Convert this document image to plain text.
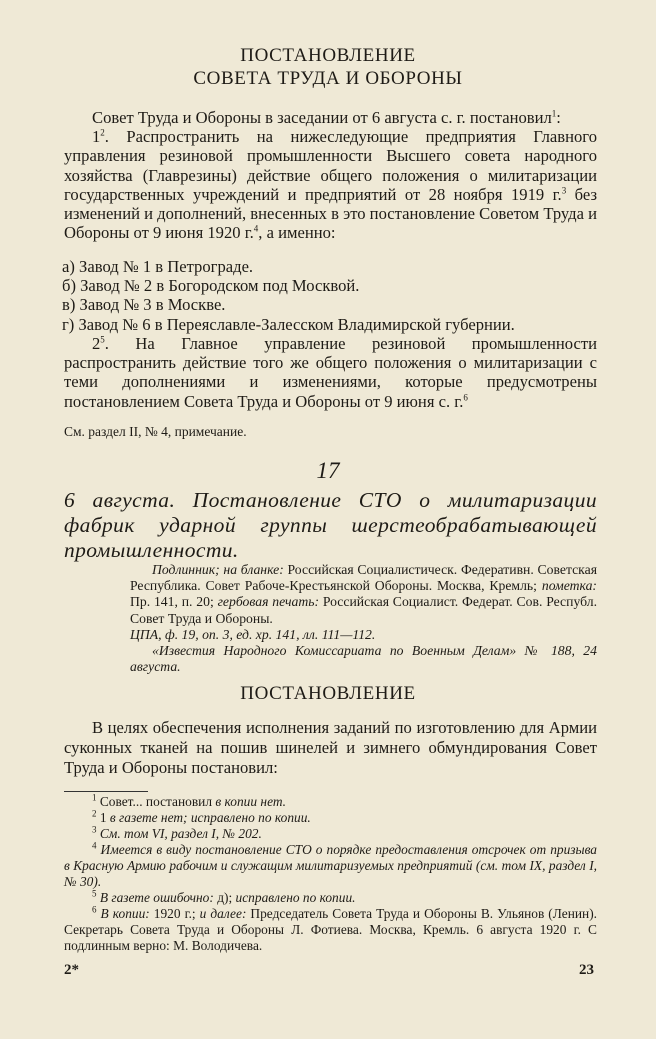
ПОСТАНОВЛЕНИЕ
СОВЕТА ТРУДА И ОБОРОНЫ

Совет Труда и Обороны в заседании от 6 августа с. г. постановил$^1$:

$1^2$. Распространить на нижеследующие предприятия Главного управления резиновой промышленности Высшего совета народного хозяйства (Главрезины) действие общего положения о милитаризации государственных учреждений и предприятий от 28 ноября 1919 г.$^3$ без изменений и дополнений, внесенных в это постановление Советом Труда и Обороны от 9 июня 1920 г.$^4$, а именно:

а) Завод № 1 в Петрограде.

б) Завод № 2 в Богородском под Москвой.

в) Завод № 3 в Москве.

г) Завод № 6 в Переяславле-Залесском Владимирской губернии.

$2^5$. На Главное управление резиновой промышленности распространить действие того же общего положения о милитаризации с теми дополнениями и изменениями, которые предусмотрены постановлением Совета Труда и Обороны от 9 июня с. г.$^6$

См. раздел II, № 4, примечание.

17

6 августа. Постановление СТО о милитаризации фабрик ударной группы шерстеобрабатывающей промышленности.

Подлинник; на бланке: Российская Социалистическ. Федеративн. Советская Республика. Совет Рабоче-Крестьянской Обороны. Москва, Кремль; пометка: Пр. 141, п. 20; гербовая печать: Российская Социалист. Федерат. Сов. Республ. Совет Труда и Обороны.

ЦПА, ф. 19, оп. 3, ед. хр. 141, лл. 111—112.

«Известия Народного Комиссариата по Военным Делам» № 188, 24 августа.

ПОСТАНОВЛЕНИЕ

В целях обеспечения исполнения заданий по изготовлению для Армии суконных тканей на пошив шинелей и зимнего обмундирования Совет Труда и Обороны постановил:

$^1$ Совет... постановил в копии нет.

$^2$ 1 в газете нет; исправлено по копии.

$^3$ См. том VI, раздел I, № 202.

$^4$ Имеется в виду постановление СТО о порядке предоставления отсрочек от призыва в Красную Армию рабочим и служащим милитаризуемых предприятий (см. том IX, раздел I, № 30).

$^5$ В газете ошибочно: д); исправлено по копии.

$^6$ В копии: 1920 г.; и далее: Председатель Совета Труда и Обороны В. Ульянов (Ленин). Секретарь Совета Труда и Обороны Л. Фотиева. Москва, Кремль. 6 августа 1920 г. С подлинным верно: М. Володичева.

2*	23
